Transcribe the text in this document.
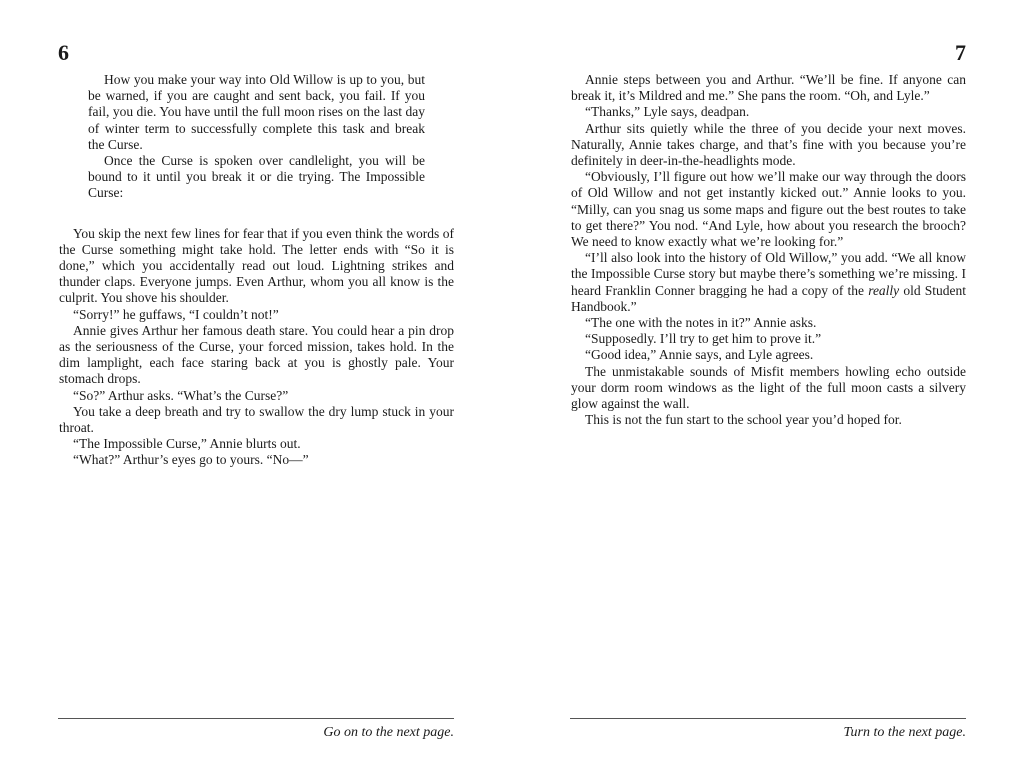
6

How you make your way into Old Willow is up to you, but be warned, if you are caught and sent back, you fail. If you fail, you die. You have until the full moon rises on the last day of winter term to successfully complete this task and break the Curse.

Once the Curse is spoken over candlelight, you will be bound to it until you break it or die trying. The Impossible Curse:

You skip the next few lines for fear that if you even think the words of the Curse something might take hold. The letter ends with “So it is done,” which you accidentally read out loud. Lightning strikes and thunder claps. Everyone jumps. Even Arthur, whom you all know is the culprit. You shove his shoulder.

“Sorry!” he guffaws, “I couldn’t not!”

Annie gives Arthur her famous death stare. You could hear a pin drop as the seriousness of the Curse, your forced mission, takes hold. In the dim lamplight, each face staring back at you is ghostly pale. Your stomach drops.

“So?” Arthur asks. “What’s the Curse?”

You take a deep breath and try to swallow the dry lump stuck in your throat.

“The Impossible Curse,” Annie blurts out.

“What?” Arthur’s eyes go to yours. “No—”

Go on to the next page.
7

Annie steps between you and Arthur. “We’ll be fine. If anyone can break it, it’s Mildred and me.” She pans the room. “Oh, and Lyle.”

“Thanks,” Lyle says, deadpan.

Arthur sits quietly while the three of you decide your next moves. Naturally, Annie takes charge, and that’s fine with you because you’re definitely in deer-in-the-headlights mode.

“Obviously, I’ll figure out how we’ll make our way through the doors of Old Willow and not get instantly kicked out.” Annie looks to you. “Milly, can you snag us some maps and figure out the best routes to take to get there?” You nod. “And Lyle, how about you research the brooch? We need to know exactly what we’re looking for.”

“I’ll also look into the history of Old Willow,” you add. “We all know the Impossible Curse story but maybe there’s something we’re missing. I heard Franklin Conner bragging he had a copy of the really old Student Handbook.”

“The one with the notes in it?” Annie asks.

“Supposedly. I’ll try to get him to prove it.”

“Good idea,” Annie says, and Lyle agrees.

The unmistakable sounds of Misfit members howling echo outside your dorm room windows as the light of the full moon casts a silvery glow against the wall.

This is not the fun start to the school year you’d hoped for.

Turn to the next page.
